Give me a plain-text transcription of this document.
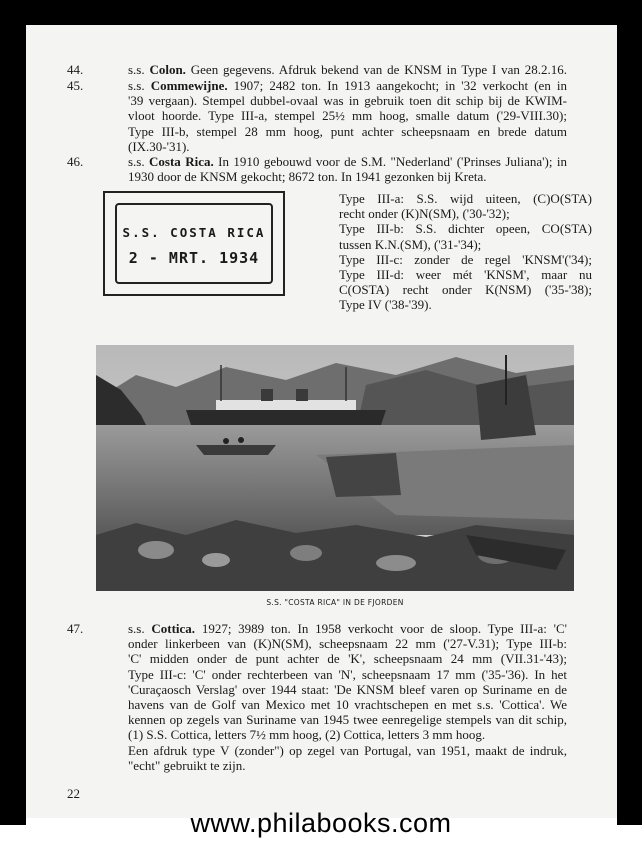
44.	s.s. Colon. Geen gegevens. Afdruk bekend van de KNSM in Type I van 28.2.16.
45.	s.s. Commewijne. 1907; 2482 ton. In 1913 aangekocht; in '32 verkocht (en in
'39 vergaan). Stempel dubbel-ovaal was in gebruik toen dit schip bij de KWIM-
vloot hoorde. Type III-a, stempel 25½ mm hoog, smalle datum ('29-VIII.30);
Type III-b, stempel 28 mm hoog, punt achter scheepsnaam en brede datum
(IX.30-'31).
46.	s.s. Costa Rica. In 1910 gebouwd voor de S.M. "Nederland' ('Prinses Juliana'); in
1930 door de KNSM gekocht; 8672 ton. In 1941 gezonken bij Kreta.
S.S. COSTA RICA
2 - MRT. 1934
Type III-a: S.S. wijd uiteen, (C)O(STA)
recht onder (K)N(SM), ('30-'32);
Type III-b: S.S. dichter opeen, CO(STA)
tussen K.N.(SM), ('31-'34);
Type III-c: zonder de regel 'KNSM'('34);
Type III-d: weer mét 'KNSM', maar nu
C(OSTA) recht onder K(NSM) ('35-'38);
Type IV ('38-'39).
S.S. "COSTA RICA" IN DE FJORDEN
47.	s.s. Cottica. 1927; 3989 ton. In 1958 verkocht voor de sloop. Type III-a: 'C'
onder linkerbeen van (K)N(SM), scheepsnaam 22 mm ('27-V.31); Type III-b:
'C' midden onder de punt achter de 'K', scheepsnaam 24 mm (VII.31-'43);
Type III-c: 'C' onder rechterbeen van 'N', scheepsnaam 17 mm ('35-'36). In het
'Curaçaosch Verslag' over 1944 staat: 'De KNSM bleef varen op Suriname en de
havens van de Golf van Mexico met 10 vrachtschepen en met s.s. 'Cottica'. We
kennen op zegels van Suriname van 1945 twee eenregelige stempels van dit schip,
(1) S.S. Cottica, letters 7½ mm hoog, (2) Cottica, letters 3 mm hoog.
Een afdruk type V (zonder") op zegel van Portugal, van 1951, maakt de indruk,
"echt" gebruikt te zijn.
22
www.philabooks.com
